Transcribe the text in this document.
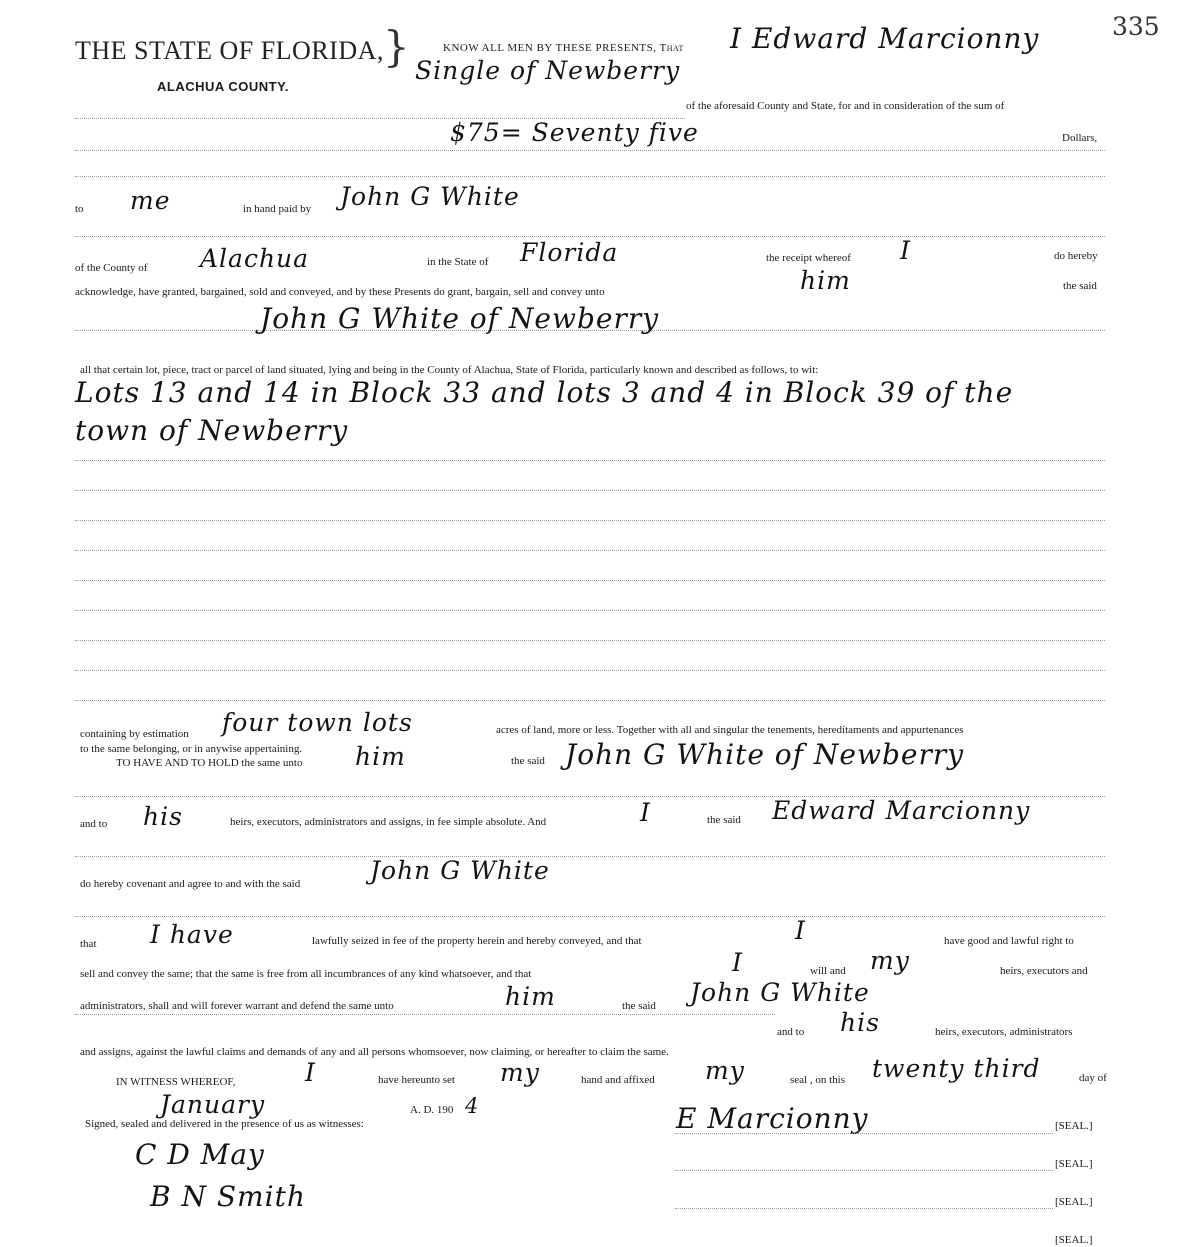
335
THE STATE OF FLORIDA, }
ALACHUA COUNTY.
KNOW ALL MEN BY THESE PRESENTS, That I Edward Marcionny
Single of Newberry
of the aforesaid County and State, for and in consideration of the sum of
$75= Seventy five	Dollars,
to me	in hand paid by John G White
of the County of Alachua	in the State of Florida	the receipt whereof I	do hereby
acknowledge, have granted, bargained, sold and conveyed, and by these Presents do grant, bargain, sell and convey unto	him	the said
John G White of Newberry
all that certain lot, piece, tract or parcel of land situated, lying and being in the County of Alachua, State of Florida, particularly known and described as follows, to wit:
Lots 13 and 14 in Block 33 and lots 3 and 4 in Block 39 of the
town of Newberry
containing by estimation four town lots	acres of land, more or less. Together with all and singular the tenements, hereditaments and appurtenances
to the same belonging, or in anywise appertaining.
TO HAVE AND TO HOLD the same unto him	the said John G White of Newberry
and to his	heirs, executors, administrators and assigns, in fee simple absolute. And	I	the said Edward Marcionny
do hereby covenant and agree to and with the said	John G White
that I have	lawfully seized in fee of the property herein and hereby conveyed, and that	I	have good and lawful right to
sell and convey the same; that the same is free from all incumbrances of any kind whatsoever, and that	I	will and my	heirs, executors and
administrators, shall and will forever warrant and defend the same unto	him	the said John G White
and to his	heirs, executors, administrators
and assigns, against the lawful claims and demands of any and all persons whomsoever, now claiming, or hereafter to claim the same.
IN WITNESS WHEREOF,	I	have hereunto set my	hand and affixed my	seal , on this twenty third	day of
January	A. D. 190 4
Signed, sealed and delivered in the presence of us as witnesses:	E Marcionny
C D May
B N Smith
[SEAL.]
[SEAL.]
[SEAL.]
[SEAL.]
